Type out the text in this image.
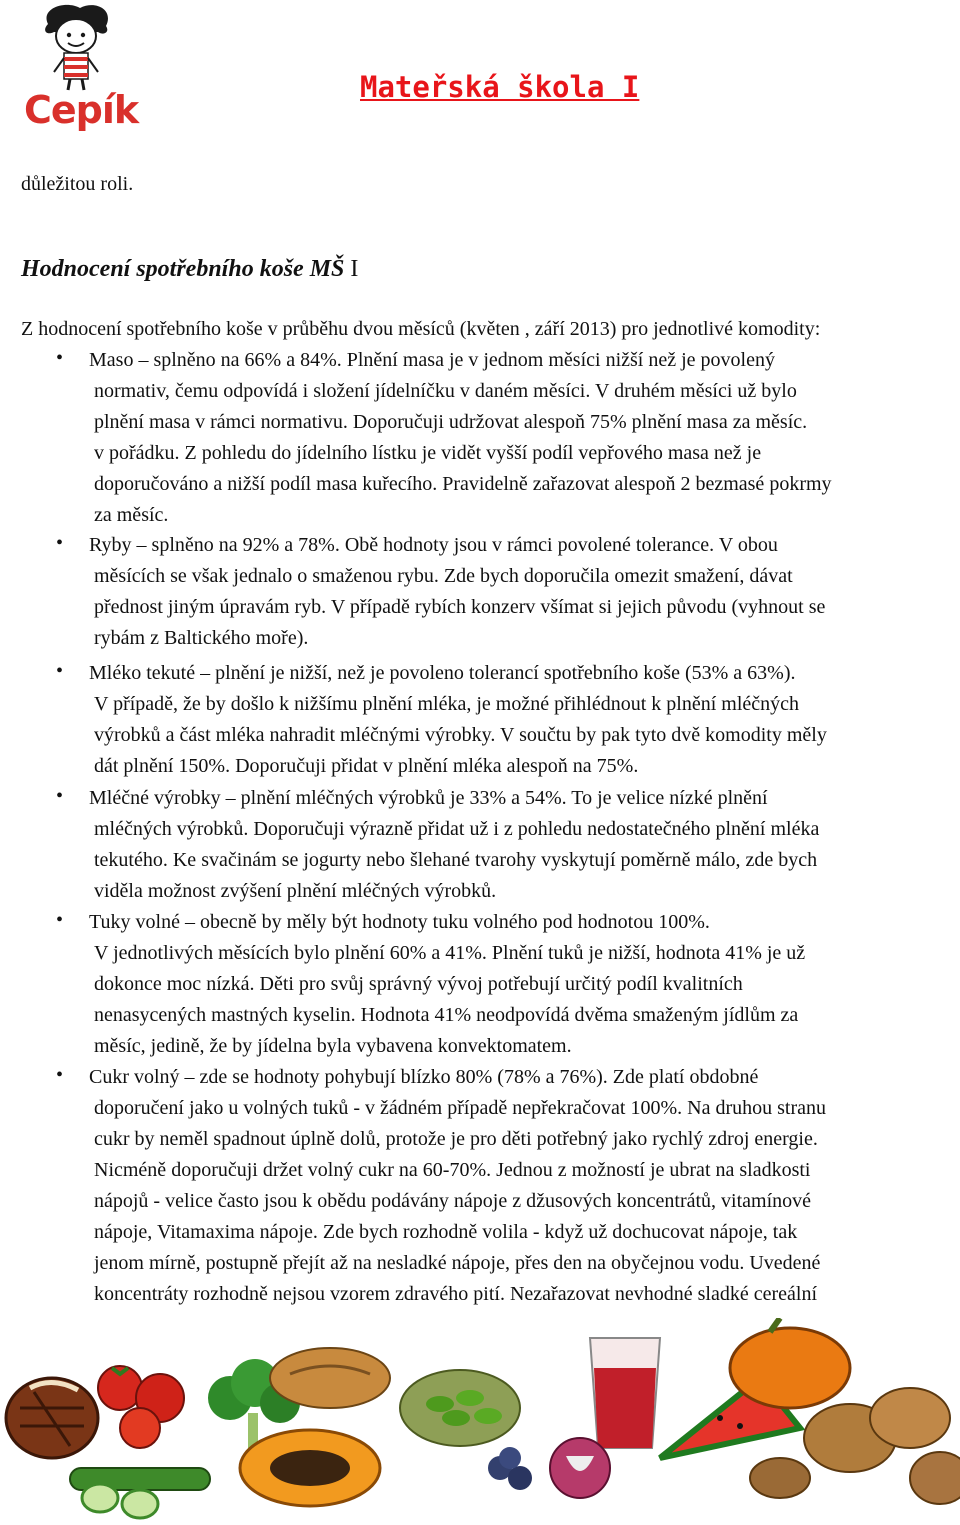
Cepík
Mateřská škola I
důležitou roli.
Hodnocení spotřebního koše MŠ I
Z hodnocení spotřebního koše v průběhu dvou měsíců (květen , září 2013) pro jednotlivé komodity:
• Maso – splněno na 66% a 84%. Plnění masa je v jednom měsíci nižší než je povolený
normativ, čemu odpovídá i složení jídelníčku v daném měsíci. V druhém měsíci už bylo
plnění masa v rámci normativu. Doporučuji udržovat alespoň 75% plnění masa za měsíc.
v pořádku. Z pohledu do jídelního lístku je vidět vyšší podíl vepřového masa než je
doporučováno a nižší podíl masa kuřecího. Pravidelně zařazovat alespoň 2 bezmasé pokrmy
za měsíc.
• Ryby – splněno na 92% a 78%. Obě hodnoty jsou v rámci povolené tolerance. V obou
měsících se však jednalo o smaženou rybu. Zde bych doporučila omezit smažení, dávat
přednost jiným úpravám ryb. V případě rybích konzerv všímat si jejich původu (vyhnout se
rybám z Baltického moře).
• Mléko tekuté – plnění je nižší, než je povoleno tolerancí spotřebního koše (53% a 63%).
V případě, že by došlo k nižšímu plnění mléka, je možné přihlédnout k plnění mléčných
výrobků a část mléka nahradit mléčnými výrobky. V součtu by pak tyto dvě komodity měly
dát plnění 150%. Doporučuji přidat v plnění mléka alespoň na 75%.
• Mléčné výrobky – plnění mléčných výrobků je 33% a 54%. To je velice nízké plnění
mléčných výrobků. Doporučuji výrazně přidat už i z pohledu nedostatečného plnění mléka
tekutého. Ke svačinám se jogurty nebo šlehané tvarohy vyskytují poměrně málo, zde bych
viděla možnost zvýšení plnění mléčných výrobků.
• Tuky volné – obecně by měly být hodnoty tuku volného pod hodnotou 100%.
V jednotlivých měsících bylo plnění 60% a 41%. Plnění tuků je nižší, hodnota 41% je už
dokonce moc nízká. Děti pro svůj správný vývoj potřebují určitý podíl kvalitních
nenasycených mastných kyselin. Hodnota 41% neodpovídá dvěma smaženým jídlům za
měsíc, jedině, že by jídelna byla vybavena konvektomatem.
• Cukr volný – zde se hodnoty pohybují blízko 80% (78% a 76%). Zde platí obdobné
doporučení jako u volných tuků - v žádném případě nepřekračovat 100%. Na druhou stranu
cukr by neměl spadnout úplně dolů, protože je pro děti potřebný jako rychlý zdroj energie.
Nicméně doporučuji držet volný cukr na 60-70%. Jednou z možností je ubrat na sladkosti
nápojů - velice často jsou k obědu podávány nápoje z džusových koncentrátů, vitamínové
nápoje, Vitamaxima nápoje. Zde bych rozhodně volila - když už dochucovat nápoje, tak
jenom mírně, postupně přejít až na nesladké nápoje, přes den na obyčejnou vodu. Uvedené
koncentráty rozhodně nejsou vzorem zdravého pití. Nezařazovat nevhodné sladké cereální
